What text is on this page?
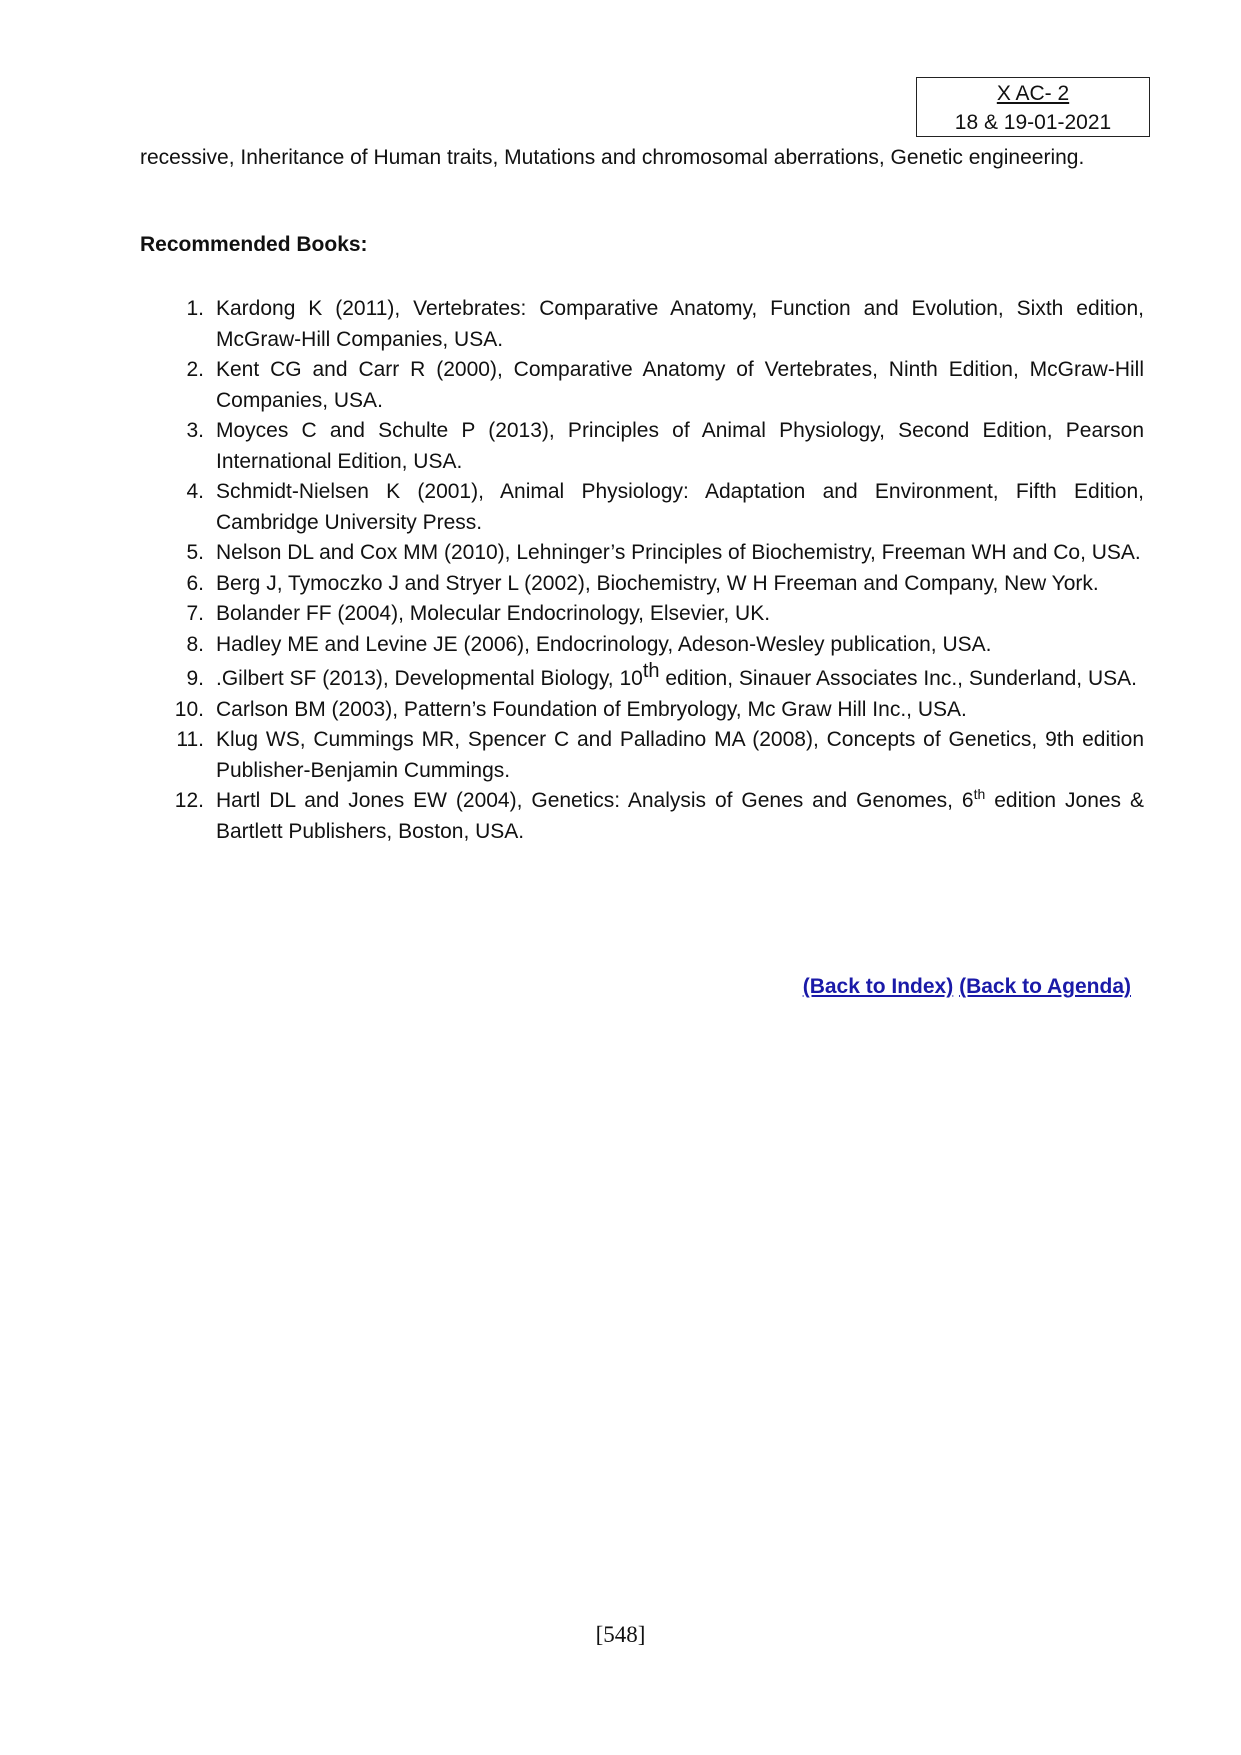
X AC- 2
18 & 19-01-2021

recessive, Inheritance of Human traits, Mutations and chromosomal aberrations, Genetic engineering.

Recommended Books:

1. Kardong K (2011), Vertebrates: Comparative Anatomy, Function and Evolution, Sixth edition, McGraw-Hill Companies, USA.
2. Kent CG and Carr R (2000), Comparative Anatomy of Vertebrates, Ninth Edition, McGraw-Hill Companies, USA.
3. Moyces C and Schulte P (2013), Principles of Animal Physiology, Second Edition, Pearson International Edition, USA.
4. Schmidt-Nielsen K (2001), Animal Physiology: Adaptation and Environment, Fifth Edition, Cambridge University Press.
5. Nelson DL and Cox MM (2010), Lehninger’s Principles of Biochemistry, Freeman WH and Co, USA.
6. Berg J, Tymoczko J and Stryer L (2002), Biochemistry, W H Freeman and Company, New York.
7. Bolander FF (2004), Molecular Endocrinology, Elsevier, UK.
8. Hadley ME and Levine JE (2006), Endocrinology, Adeson-Wesley publication, USA.
9. .Gilbert SF (2013), Developmental Biology, 10th edition, Sinauer Associates Inc., Sunderland, USA.
10. Carlson BM (2003), Pattern’s Foundation of Embryology, Mc Graw Hill Inc., USA.
11. Klug WS, Cummings MR, Spencer C and Palladino MA (2008), Concepts of Genetics, 9th edition Publisher-Benjamin Cummings.
12. Hartl DL and Jones EW (2004), Genetics: Analysis of Genes and Genomes, 6th edition Jones & Bartlett Publishers, Boston, USA.
(Back to Index) (Back to Agenda)
[548]
